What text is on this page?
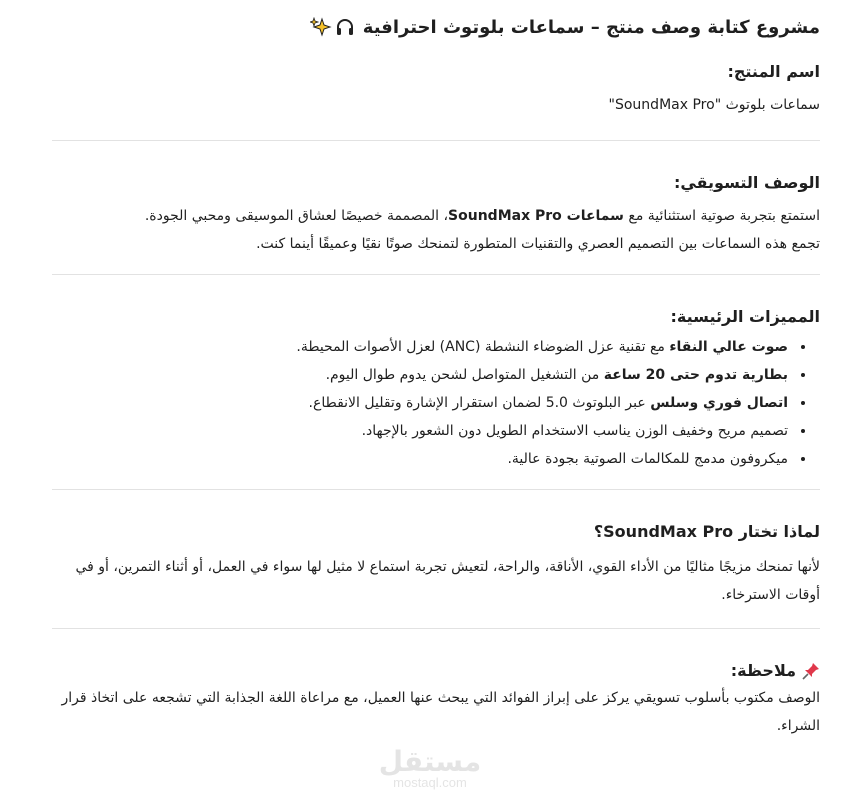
مشروع كتابة وصف منتج – سماعات بلوتوث احترافية
اسم المنتج:

سماعات بلوتوث "SoundMax Pro"

الوصف التسويقي:

استمتع بتجربة صوتية استثنائية مع سماعات SoundMax Pro، المصممة خصيصًا لعشاق الموسيقى ومحبي الجودة.
تجمع هذه السماعات بين التصميم العصري والتقنيات المتطورة لتمنحك صوتًا نقيًا وعميقًا أينما كنت.

المميزات الرئيسية:
• صوت عالي النقاء مع تقنية عزل الضوضاء النشطة (ANC) لعزل الأصوات المحيطة.
• بطارية تدوم حتى 20 ساعة من التشغيل المتواصل لشحن يدوم طوال اليوم.
• اتصال فوري وسلس عبر البلوتوث 5.0 لضمان استقرار الإشارة وتقليل الانقطاع.
• تصميم مريح وخفيف الوزن يناسب الاستخدام الطويل دون الشعور بالإجهاد.
• ميكروفون مدمج للمكالمات الصوتية بجودة عالية.
لماذا تختار SoundMax Pro؟

لأنها تمنحك مزيجًا مثاليًا من الأداء القوي، الأناقة، والراحة، لتعيش تجربة استماع لا مثيل لها سواء في العمل، أو أثناء التمرين، أو في أوقات الاسترخاء.

ملاحظة:

الوصف مكتوب بأسلوب تسويقي يركز على إبراز الفوائد التي يبحث عنها العميل، مع مراعاة اللغة الجذابة التي تشجعه على اتخاذ قرار الشراء.

مستقل
mostaql.com
